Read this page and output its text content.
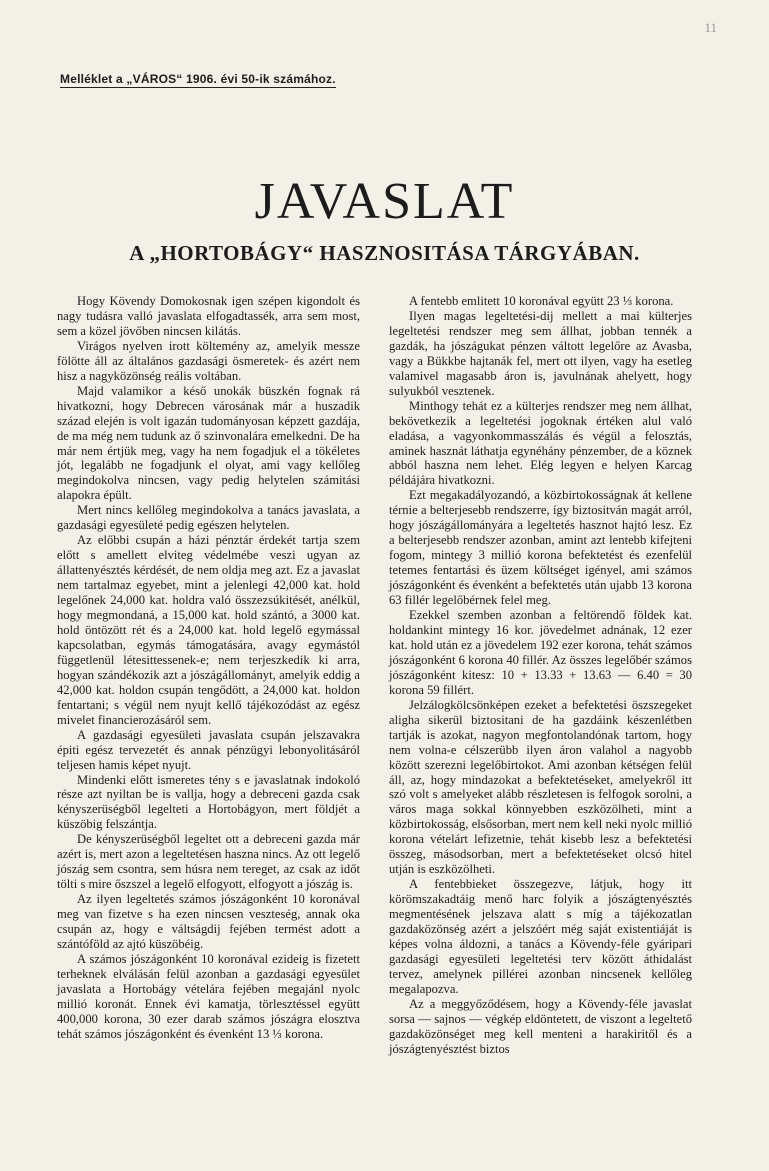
11
Melléklet a „VÁROS“ 1906. évi 50-ik számához.
JAVASLAT
A „HORTOBÁGY“ HASZNOSITÁSA TÁRGYÁBAN.

Hogy Kövendy Domokosnak igen szépen kigondolt és nagy tudásra valló javaslata elfogadtassék, arra sem most, sem a közel jövőben nincsen kilátás.

Virágos nyelven irott költemény az, amelyik messze fölötte áll az általános gazdasági ösmeretek- és azért nem hisz a nagyközönség reális voltában.

Majd valamikor a késő unokák büszkén fognak rá hivatkozni, hogy Debrecen városának már a huszadik század elején is volt igazán tudományosan képzett gazdája, de ma még nem tudunk az ő szinvonalára emelkedni. De ha már nem értjük meg, vagy ha nem fogadjuk el a tökéletes jót, legalább ne fogadjunk el olyat, ami vagy kellőleg megindokolva nincsen, vagy pedig helytelen számitási alapokra épült.

Mert nincs kellőleg megindokolva a tanács javaslata, a gazdasági egyesületé pedig egészen helytelen.

Az előbbi csupán a házi pénztár érdekét tartja szem előtt s amellett elviteg védelmébe veszi ugyan az állattenyésztés kérdését, de nem oldja meg azt. Ez a javaslat nem tartalmaz egyebet, mint a jelenlegi 42,000 kat. hold legelőnek 24,000 kat. holdra való összezsúkitését, anélkül, hogy megmondaná, a 15,000 kat. hold szántó, a 3000 kat. hold öntözött rét és a 24,000 kat. hold legelő egymással kapcsolatban, egymás támogatására, avagy egymástól függetlenül létesittessenek-e; nem terjeszkedik ki arra, hogyan szándékozik azt a jószágállományt, amelyik eddig a 42,000 kat. holdon csupán tengődött, a 24,000 kat. holdon fentartani; s végül nem nyujt kellő tájékozódást az egész mivelet financierozásáról sem.

A gazdasági egyesületi javaslata csupán jelszavakra épiti egész tervezetét és annak pénzügyi lebonyolitásáról teljesen hamis képet nyujt.

Mindenki előtt ismeretes tény s e javaslatnak indokoló része azt nyiltan be is vallja, hogy a debreceni gazda csak kényszerüségből legelteti a Hortobágyon, mert földjét a küszöbig felszántja.

De kényszerüségből legeltet ott a debreceni gazda már azért is, mert azon a legeltetésen haszna nincs. Az ott legelő jószág sem csontra, sem húsra nem tereget, az csak az időt tölti s mire őszszel a legelő elfogyott, elfogyott a jószág is.

Az ilyen legeltetés számos jószágonként 10 koronával meg van fizetve s ha ezen nincsen veszteség, annak oka csupán az, hogy e váltságdij fejében termést adott a szántóföld az ajtó küszöbéig.

A számos jószágonként 10 koronával ezideig is fizetett terheknek elválásán felül azonban a gazdasági egyesület javaslata a Hortobágy vételára fejében megajánl nyolc millió koronát. Ennek évi kamatja, törlesztéssel együtt 400,000 korona, 30 ezer darab számos jószágra elosztva tehát számos jószágonként és évenként 13 ⅓ korona.

A fentebb emlitett 10 koronával együtt 23 ⅓ korona.

Ilyen magas legeltetési-dij mellett a mai külterjes legeltetési rendszer meg sem állhat, jobban tennék a gazdák, ha jószágukat pénzen váltott legelőre az Avasba, vagy a Bükkbe hajtanák fel, mert ott ilyen, vagy ha esetleg valamivel magasabb áron is, javulnának ahelyett, hogy sulyukból vesztenek.

Minthogy tehát ez a külterjes rendszer meg nem állhat, bekövetkezik a legeltetési jogoknak értéken alul való eladása, a vagyonkommasszálás és végül a felosztás, aminek hasznát láthatja egynéhány pénzember, de a köznek abból haszna nem lehet. Elég legyen e helyen Karcag példájára hivatkozni.

Ezt megakadályozandó, a közbirtokosságnak át kellene térnie a belterjesebb rendszerre, így biztositván magát arról, hogy jószágállományára a legeltetés hasznot hajtó lesz. Ez a belterjesebb rendszer azonban, amint azt lentebb kifejteni fogom, mintegy 3 millió korona befektetést és ezenfelül tetemes fentartási és üzem költséget igényel, ami számos jószágonként és évenként a befektetés után ujabb 13 korona 63 fillér legelőbérnek felel meg.

Ezekkel szemben azonban a feltörendő földek kat. holdankint mintegy 16 kor. jövedelmet adnának, 12 ezer kat. hold után ez a jövedelem 192 ezer korona, tehát számos jószágonként 6 korona 40 fillér. Az összes legelőbér számos jószágonként kitesz: 10 + 13.33 + 13.63 — 6.40 = 30 korona 59 fillért.

Jelzálogkölcsönképen ezeket a befektetési öszszegeket aligha sikerül biztositani de ha gazdáink készenlétben tartják is azokat, nagyon megfontolandónak tartom, hogy nem volna-e célszerübb ilyen áron valahol a nagyobb között szerezni legelőbirtokot. Ami azonban kétségen felül áll, az, hogy mindazokat a befektetéseket, amelyekről itt szó volt s amelyeket alább részletesen is felfogok sorolni, a város maga sokkal könnyebben eszközölheti, mint a közbirtokosság, elsősorban, mert nem kell neki nyolc millió korona vételárt lefizetnie, tehát kisebb lesz a befektetési összeg, másodsorban, mert a befektetéseket olcsó hitel utján is eszközölheti.

A fentebbieket összegezve, látjuk, hogy itt körömszakadtáig menő harc folyik a jószágtenyésztés megmentésének jelszava alatt s míg a tájékozatlan gazdaközönség azért a jelszóért még saját existentiáját is képes volna áldozni, a tanács a Kövendy-féle gyáripari gazdasági egyesületi legeltetési terv között áthidalást tervez, amelynek pillérei azonban nincsenek kellőleg megalapozva.

Az a meggyőződésem, hogy a Kövendy-féle javaslat sorsa — sajnos — végkép eldöntetett, de viszont a legeltető gazdaközönséget meg kell menteni a harakiritől és a jószágtenyésztést biztos
